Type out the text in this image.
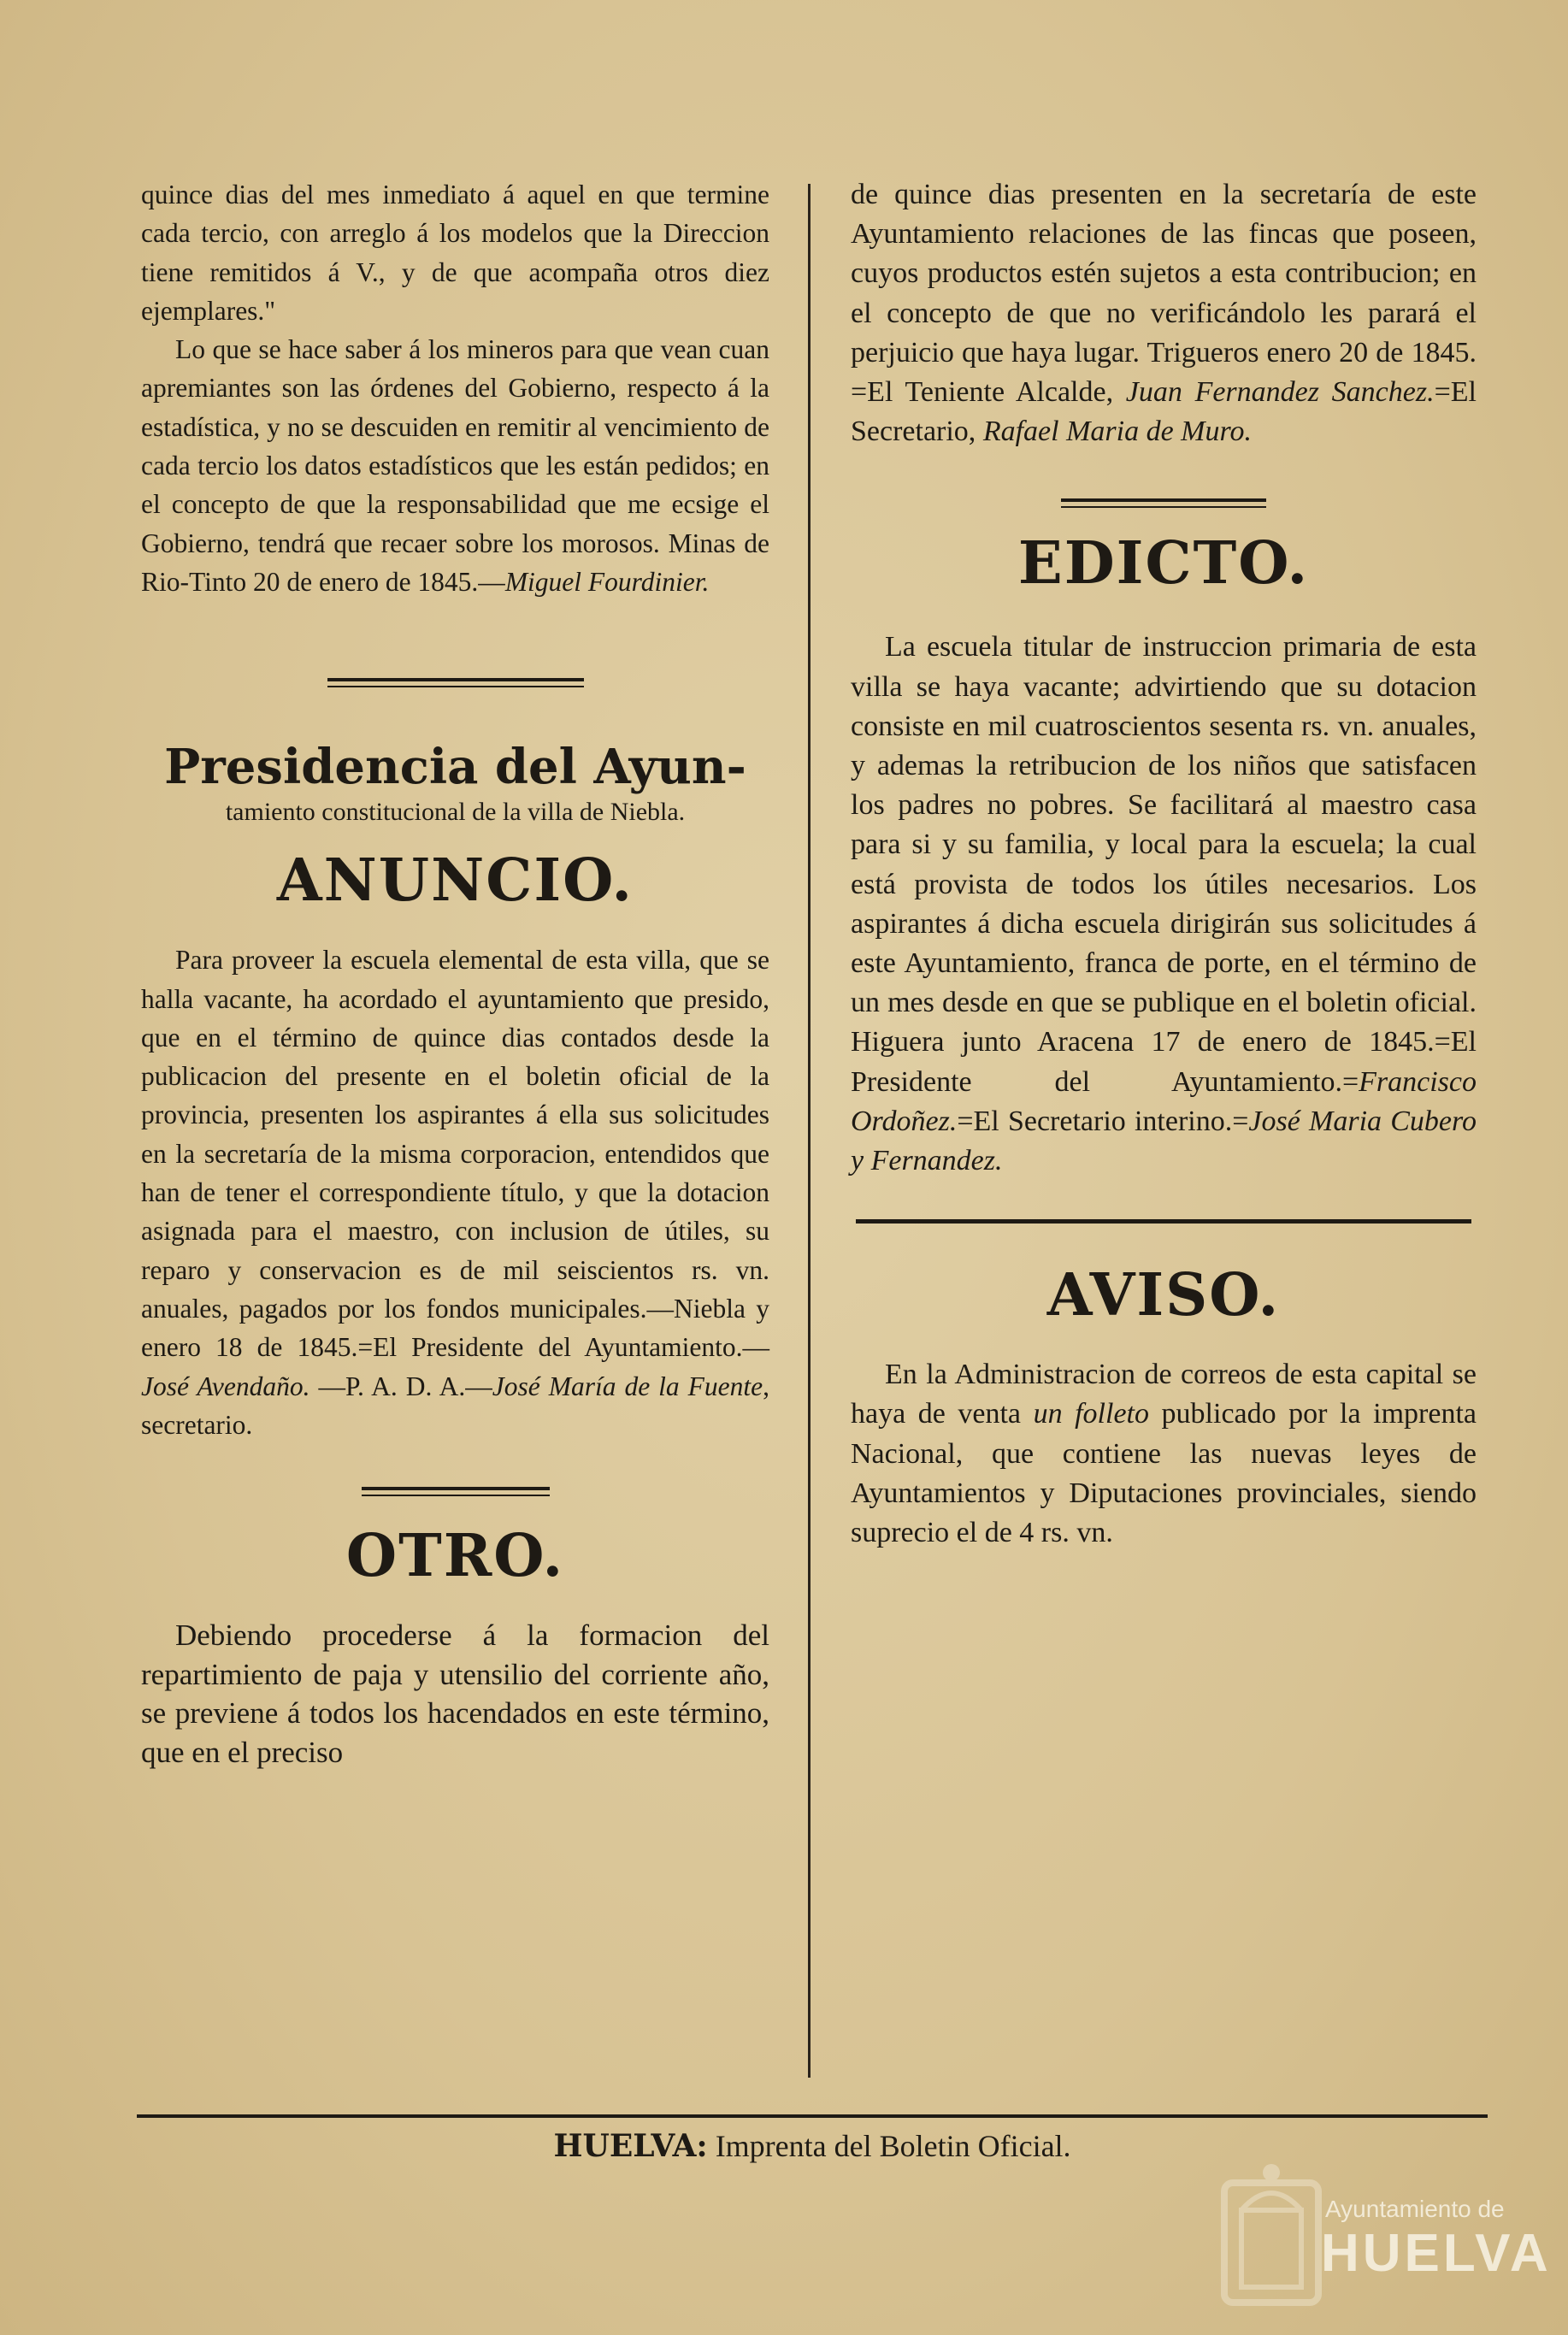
quince dias del mes inmediato á aquel en que termine cada tercio, con arreglo á los modelos que la Direccion tiene remitidos á V., y de que acompaña otros diez ejemplares."

Lo que se hace saber á los mineros para que vean cuan apremiantes son las órdenes del Gobierno, respecto á la estadística, y no se descuiden en remitir al vencimiento de cada tercio los datos estadísticos que les están pedidos; en el concepto de que la responsabilidad que me ecsige el Gobierno, tendrá que recaer sobre los morosos. Minas de Rio-Tinto 20 de enero de 1845.—Miguel Fourdinier.

Presidencia del Ayun-

tamiento constitucional de la villa de Niebla.

ANUNCIO.

Para proveer la escuela elemental de esta villa, que se halla vacante, ha acordado el ayuntamiento que presido, que en el término de quince dias contados desde la publicacion del presente en el boletin oficial de la provincia, presenten los aspirantes á ella sus solicitudes en la secretaría de la misma corporacion, entendidos que han de tener el correspondiente título, y que la dotacion asignada para el maestro, con inclusion de útiles, su reparo y conservacion es de mil seiscientos rs. vn. anuales, pagados por los fondos municipales.—Niebla y enero 18 de 1845.=El Presidente del Ayuntamiento.—José Avendaño. —P. A. D. A.—José María de la Fuente, secretario.

OTRO.

Debiendo procederse á la formacion del repartimiento de paja y utensilio del corriente año, se previene á todos los hacendados en este término, que en el preciso

de quince dias presenten en la secretaría de este Ayuntamiento relaciones de las fincas que poseen, cuyos productos estén sujetos a esta contribucion; en el concepto de que no verificándolo les parará el perjuicio que haya lugar. Trigueros enero 20 de 1845. =El Teniente Alcalde, Juan Fernandez Sanchez.=El Secretario, Rafael Maria de Muro.

EDICTO.

La escuela titular de instruccion primaria de esta villa se haya vacante; advirtiendo que su dotacion consiste en mil cuatroscientos sesenta rs. vn. anuales, y ademas la retribucion de los niños que satisfacen los padres no pobres. Se facilitará al maestro casa para si y su familia, y local para la escuela; la cual está provista de todos los útiles necesarios. Los aspirantes á dicha escuela dirigirán sus solicitudes á este Ayuntamiento, franca de porte, en el término de un mes desde en que se publique en el boletin oficial. Higuera junto Aracena 17 de enero de 1845.=El Presidente del Ayuntamiento.=Francisco Ordoñez.=El Secretario interino.=José Maria Cubero y Fernandez.

AVISO.

En la Administracion de correos de esta capital se haya de venta un folleto publicado por la imprenta Nacional, que contiene las nuevas leyes de Ayuntamientos y Diputaciones provinciales, siendo suprecio el de 4 rs. vn.

HUELVA: Imprenta del Boletin Oficial.
Ayuntamiento de
HUELVA
